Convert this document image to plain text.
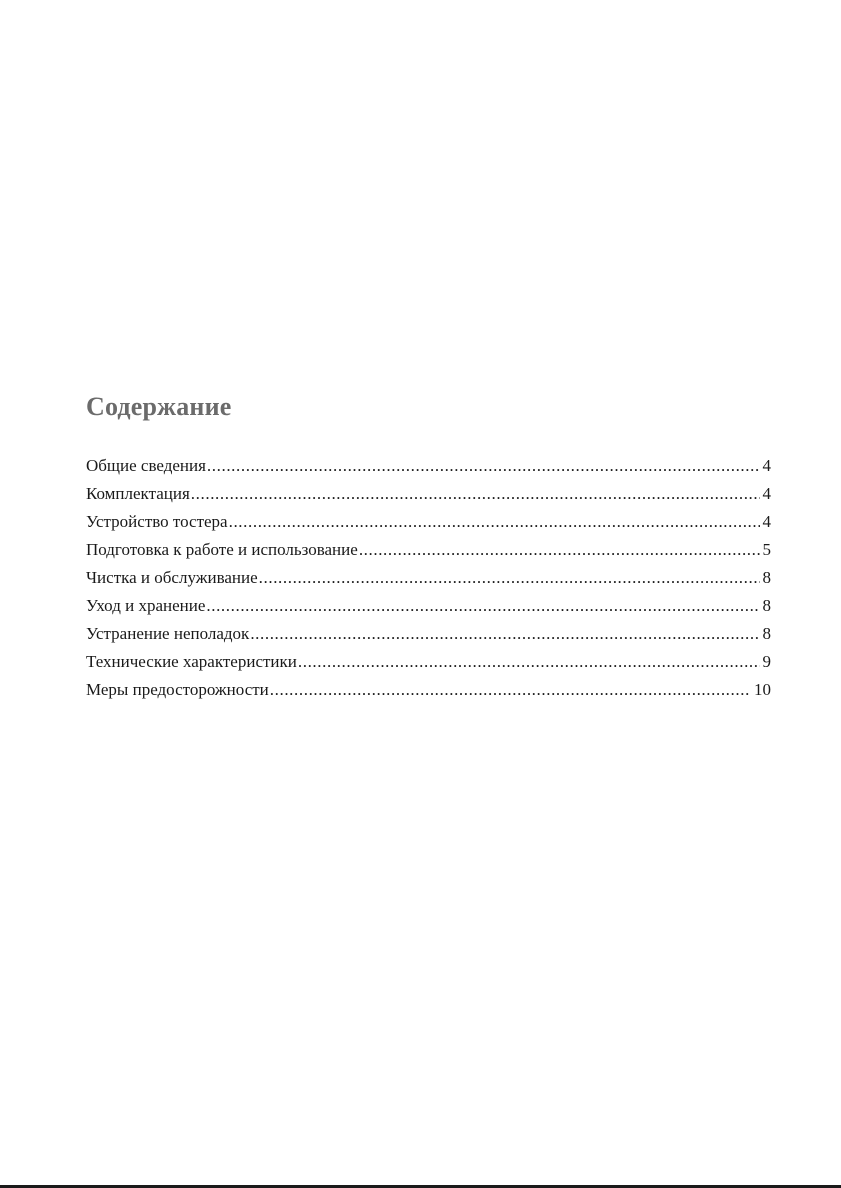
Содержание
Общие сведения .....	4
Комплектация .....	4
Устройство тостера .....	4
Подготовка к работе и использование .....	5
Чистка и обслуживание .....	8
Уход и хранение .....	8
Устранение неполадок .....	8
Технические характеристики .....	9
Меры предосторожности .....	10
